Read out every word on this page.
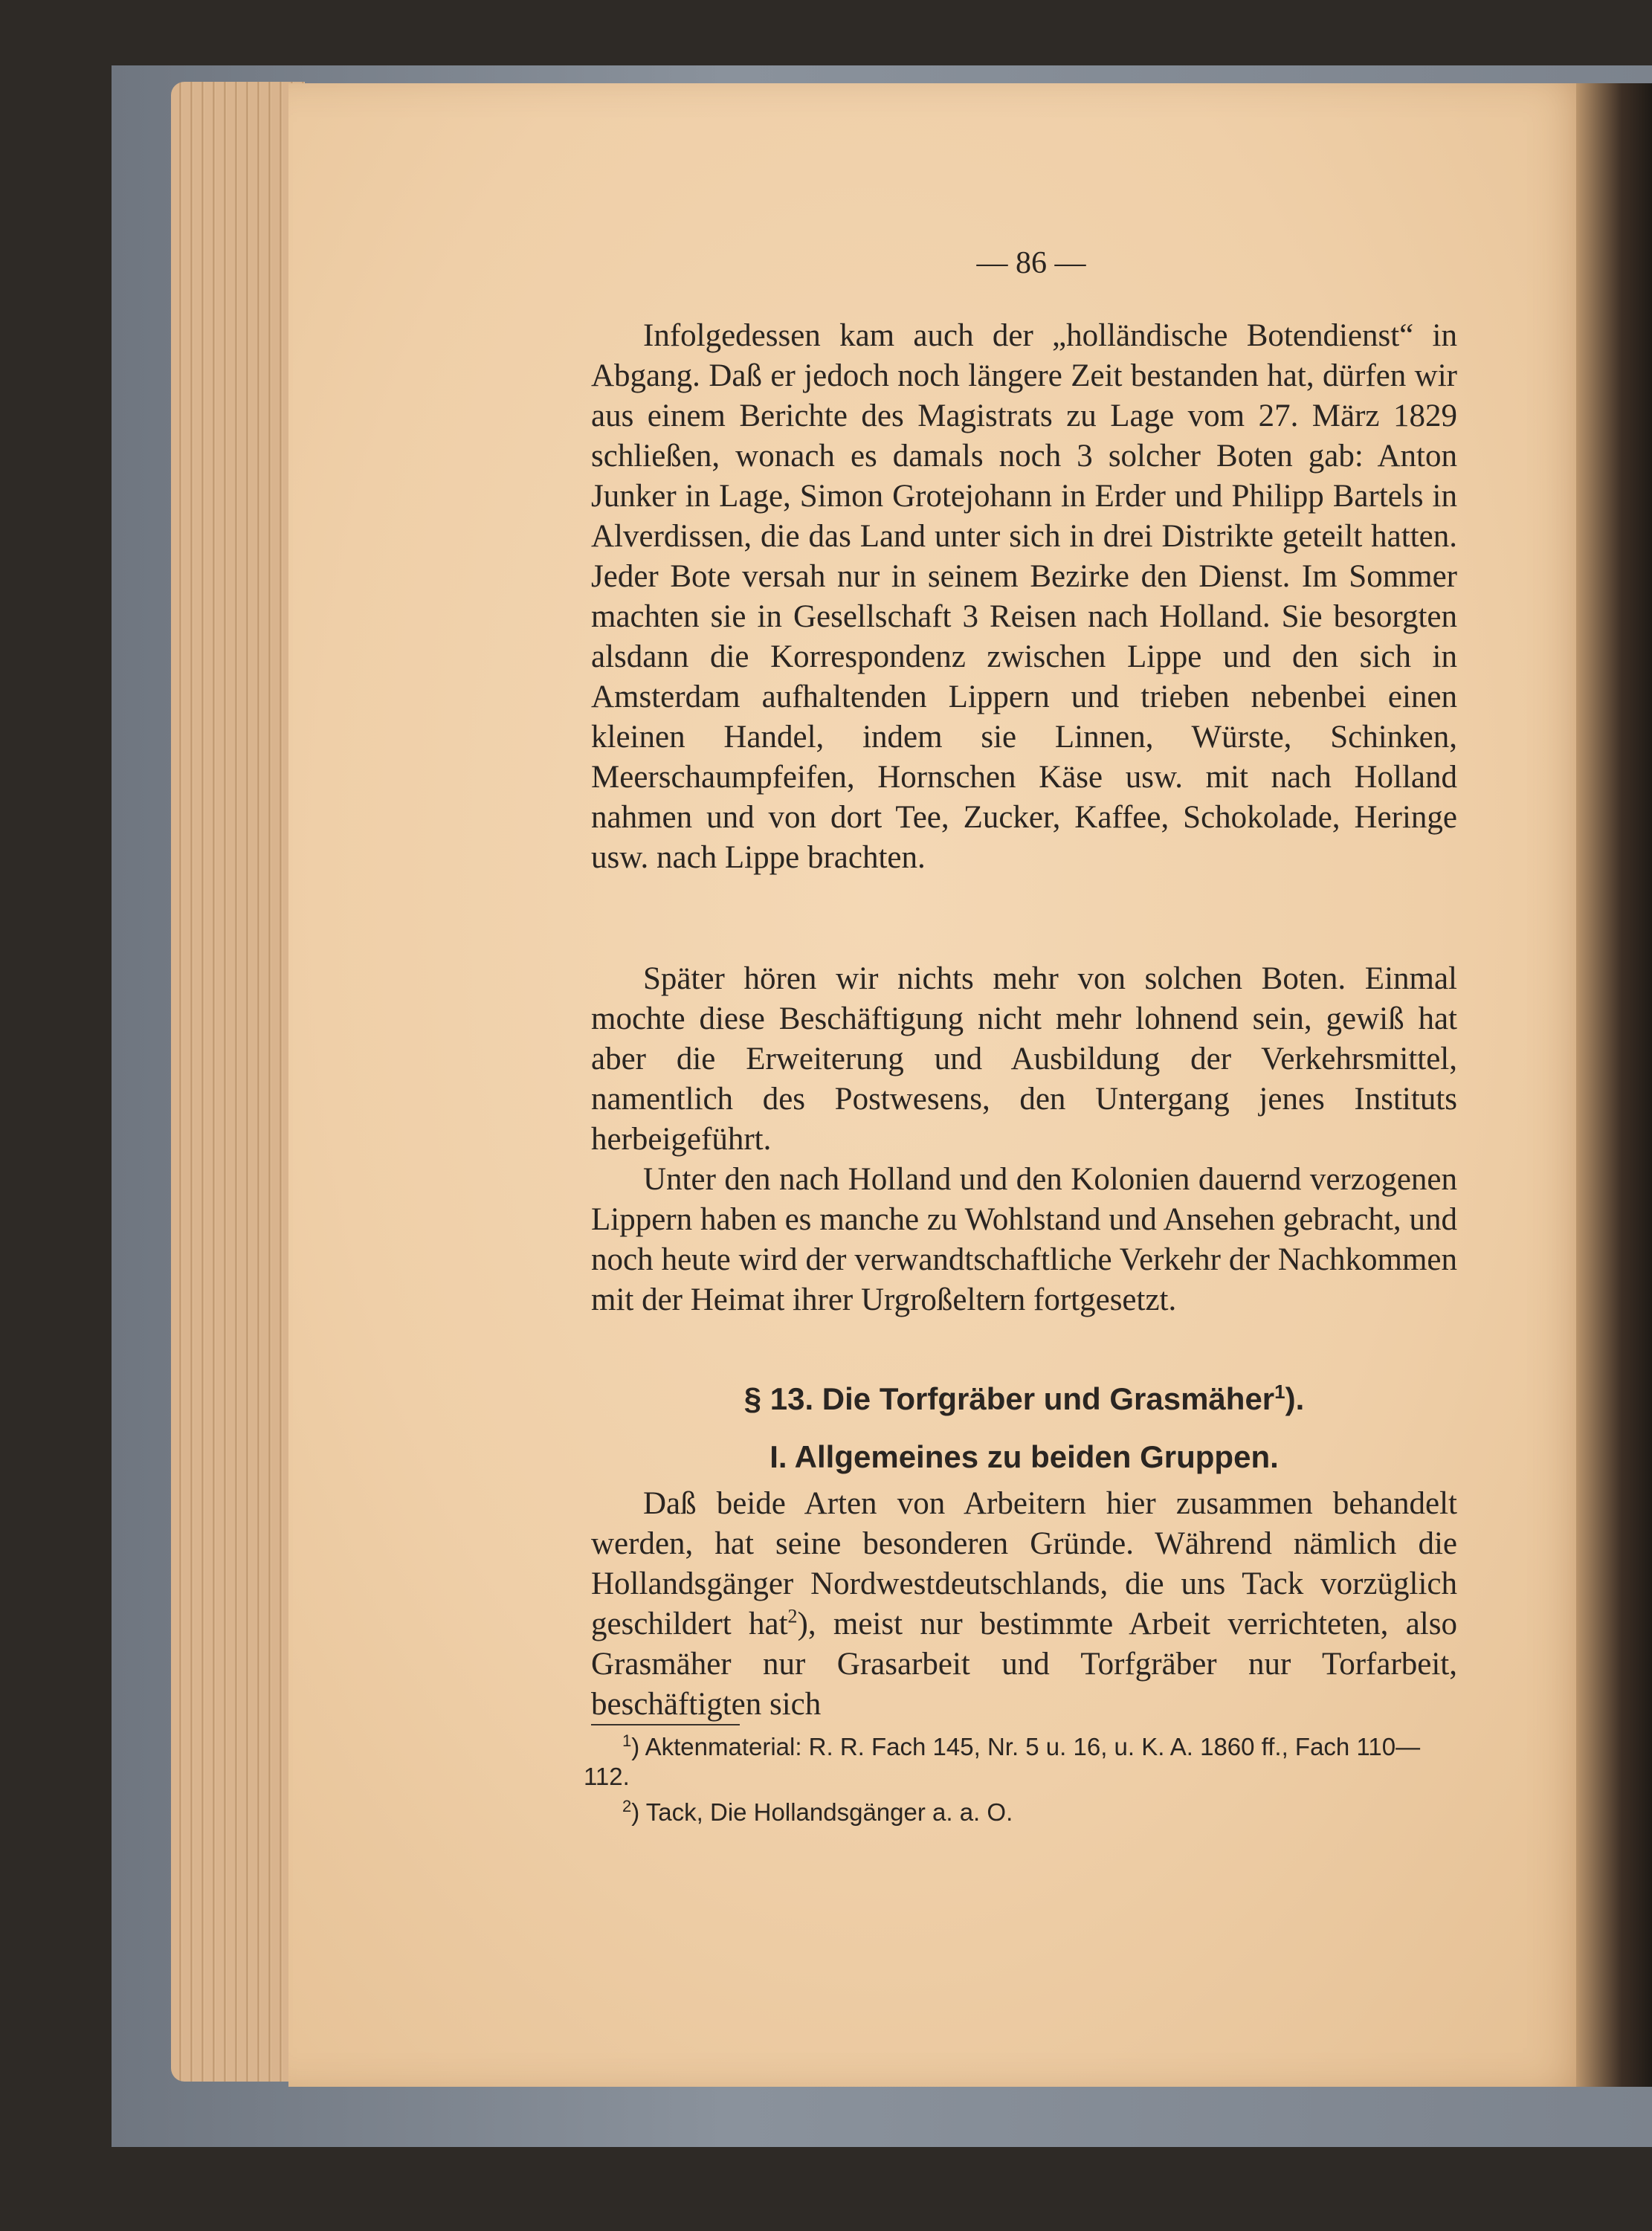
— 86 —
Infolgedessen kam auch der „holländische Botendienst“ in Abgang. Daß er jedoch noch längere Zeit bestanden hat, dürfen wir aus einem Berichte des Magistrats zu Lage vom 27. März 1829 schließen, wonach es damals noch 3 solcher Boten gab: Anton Junker in Lage, Simon Grotejohann in Erder und Philipp Bartels in Alverdissen, die das Land unter sich in drei Distrikte geteilt hatten. Jeder Bote versah nur in seinem Bezirke den Dienst. Im Sommer machten sie in Gesellschaft 3 Reisen nach Holland. Sie besorgten alsdann die Korrespondenz zwischen Lippe und den sich in Amsterdam aufhaltenden Lippern und trieben nebenbei einen kleinen Handel, indem sie Linnen, Würste, Schinken, Meerschaumpfeifen, Hornschen Käse usw. mit nach Holland nahmen und von dort Tee, Zucker, Kaffee, Schokolade, Heringe usw. nach Lippe brachten.
Später hören wir nichts mehr von solchen Boten. Einmal mochte diese Beschäftigung nicht mehr lohnend sein, gewiß hat aber die Erweiterung und Ausbildung der Verkehrsmittel, namentlich des Postwesens, den Untergang jenes Instituts herbeigeführt.
Unter den nach Holland und den Kolonien dauernd verzogenen Lippern haben es manche zu Wohlstand und Ansehen gebracht, und noch heute wird der verwandtschaftliche Verkehr der Nachkommen mit der Heimat ihrer Urgroßeltern fortgesetzt.
§ 13. Die Torfgräber und Grasmäher$^1$).
I. Allgemeines zu beiden Gruppen.
Daß beide Arten von Arbeitern hier zusammen behandelt werden, hat seine besonderen Gründe. Während nämlich die Hollandsgänger Nordwestdeutschlands, die uns Tack vorzüglich geschildert hat$^2$), meist nur bestimmte Arbeit verrichteten, also Grasmäher nur Grasarbeit und Torfgräber nur Torfarbeit, beschäftigten sich
$^1$) Aktenmaterial: R. R. Fach 145, Nr. 5 u. 16, u. K. A. 1860 ff., Fach 110—112.
$^2$) Tack, Die Hollandsgänger a. a. O.
